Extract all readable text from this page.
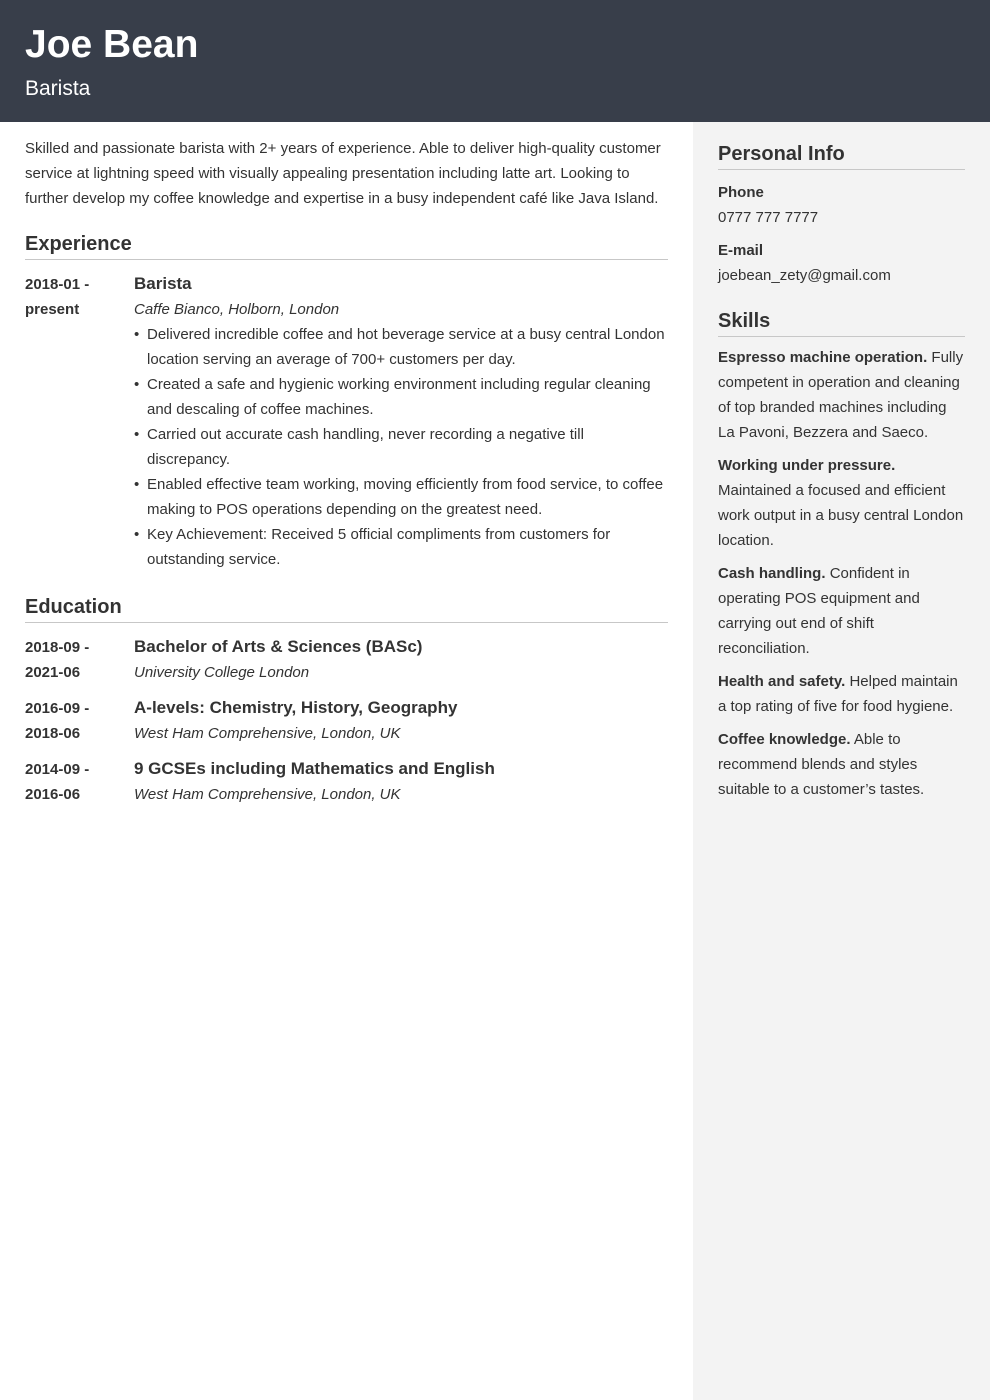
Joe Bean
Barista
Personal Info
Phone
0777 777 7777
E-mail
joebean_zety@gmail.com
Skills
Espresso machine operation. Fully competent in operation and cleaning of top branded machines including La Pavoni, Bezzera and Saeco.
Working under pressure. Maintained a focused and efficient work output in a busy central London location.
Cash handling. Confident in operating POS equipment and carrying out end of shift reconciliation.
Health and safety. Helped maintain a top rating of five for food hygiene.
Coffee knowledge. Able to recommend blends and styles suitable to a customer’s tastes.

Skilled and passionate barista with 2+ years of experience. Able to deliver high-quality customer service at lightning speed with visually appealing presentation including latte art. Looking to further develop my coffee knowledge and expertise in a busy independent café like Java Island.

Experience
2018-01 -
present
Barista
Caffe Bianco, Holborn, London
• Delivered incredible coffee and hot beverage service at a busy central London location serving an average of 700+ customers per day.
• Created a safe and hygienic working environment including regular cleaning and descaling of coffee machines.
• Carried out accurate cash handling, never recording a negative till discrepancy.
• Enabled effective team working, moving efficiently from food service, to coffee making to POS operations depending on the greatest need.
• Key Achievement: Received 5 official compliments from customers for outstanding service.
Education
2018-09 -
2021-06
Bachelor of Arts & Sciences (BASc)
University College London
2016-09 -
2018-06
A-levels: Chemistry, History, Geography
West Ham Comprehensive, London, UK
2014-09 -
2016-06
9 GCSEs including Mathematics and English
West Ham Comprehensive, London, UK
